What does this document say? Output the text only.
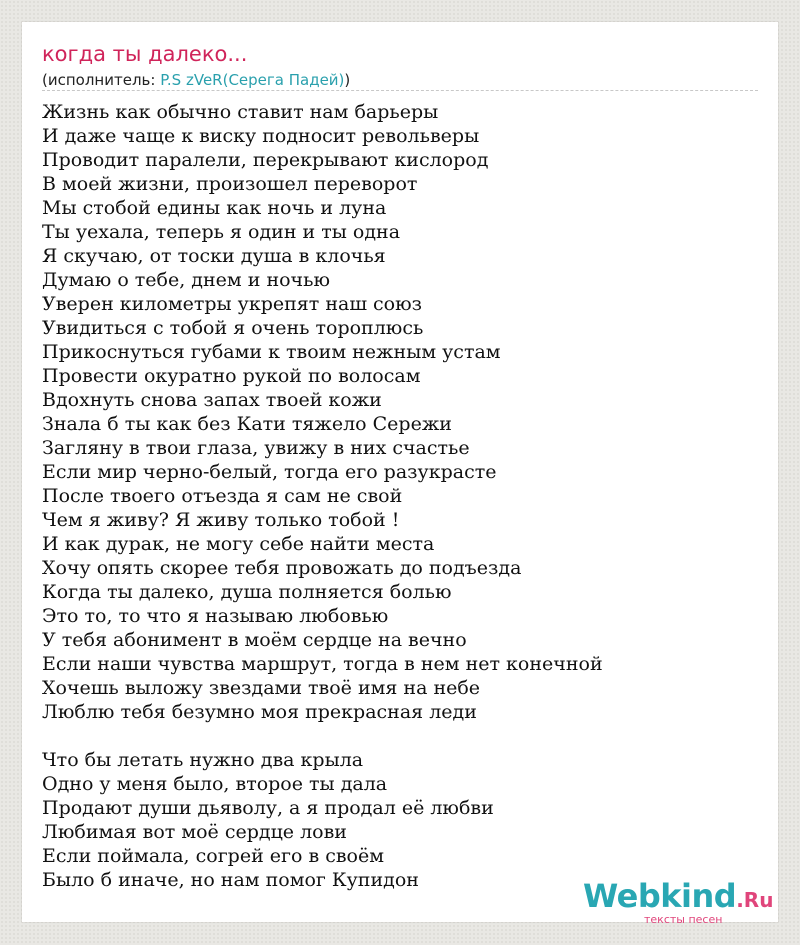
когда ты далеко...
(исполнитель: P.S zVeR(Серега Падей))
Жизнь как обычно ставит нам барьеры
И даже чаще к виску подносит револьверы
Проводит паралели, перекрывают кислород
В моей жизни, произошел переворот
Мы стобой едины как ночь и луна
Ты уехала, теперь я один и ты одна
Я скучаю, от тоски душа в клочья
Думаю о тебе, днем и ночью
Уверен километры укрепят наш союз
Увидиться с тобой я очень тороплюсь
Прикоснуться губами к твоим нежным устам
Провести окуратно рукой по волосам
Вдохнуть снова запах твоей кожи
Знала б ты как без Кати тяжело Сережи
Загляну в твои глаза, увижу в них счастье
Если мир черно-белый, тогда его разукрасте
После твоего отъезда я сам не свой
Чем я живу? Я живу только тобой !
И как дурак, не могу себе найти места
Хочу опять скорее тебя провожать до подъезда
Когда ты далеко, душа полняется болью
Это то, то что я называю любовью
У тебя абонимент в моём сердце на вечно
Если наши чувства маршрут, тогда в нем нет конечной
Хочешь выложу звездами твоё имя на небе
Люблю тебя безумно моя прекрасная леди
Что бы летать нужно два крыла
Одно у меня было, второе ты дала
Продают души дьяволу, а я продал её любви
Любимая вот моё сердце лови
Если поймала, согрей его в своём
Было б иначе, но нам помог Купидон	Webkind.Ru
тексты песен
